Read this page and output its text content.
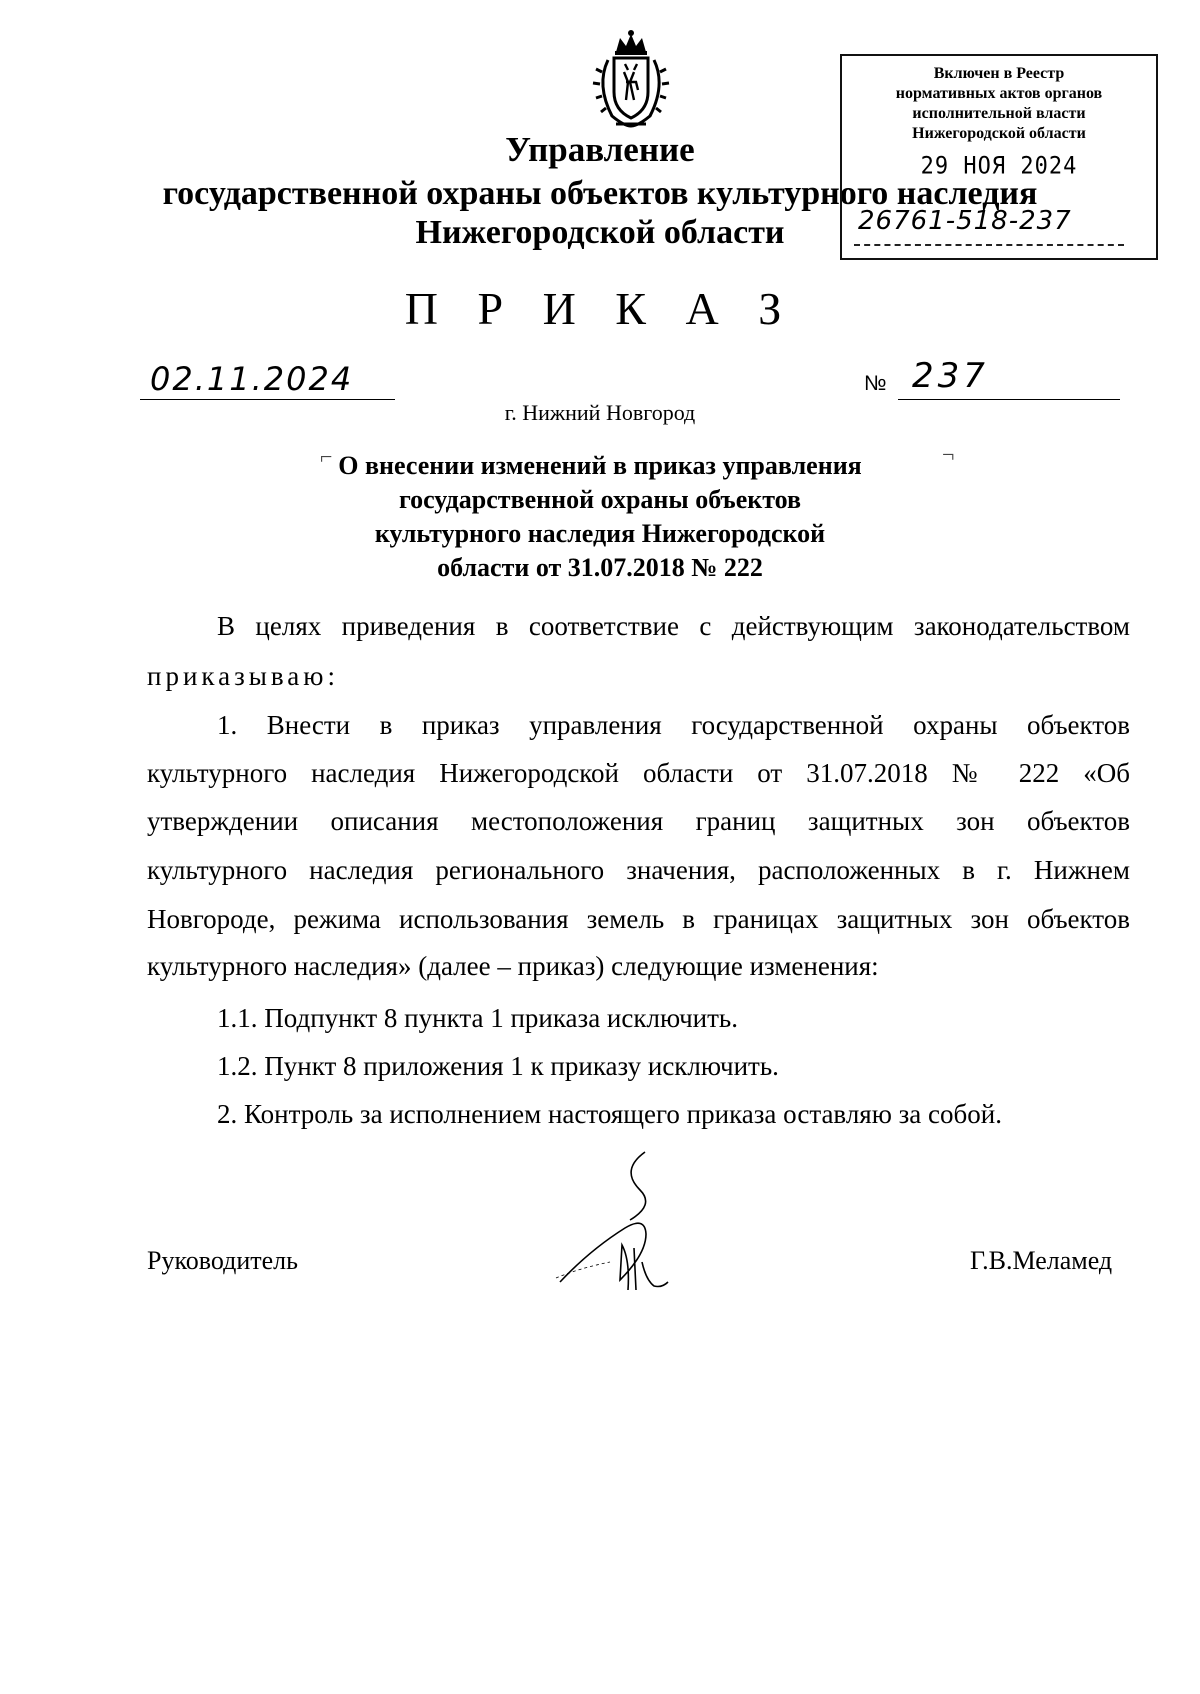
Управление
государственной охраны объектов культурного наследия
Нижегородской области
Включен в Реестр
нормативных актов органов
исполнительной власти
Нижегородской области
29 НОЯ 2024
26761-518-237
П Р И К А З
02.11.2024	№ 237
г. Нижний Новгород
⌐	¬
О внесении изменений в приказ управления
государственной охраны объектов
культурного наследия Нижегородской
области от 31.07.2018 № 222
В целях приведения в соответствие с действующим законодательством
приказываю:
1. Внести в приказ управления государственной охраны объектов
культурного наследия Нижегородской области от 31.07.2018 № 222 «Об
утверждении описания местоположения границ защитных зон объектов
культурного наследия регионального значения, расположенных в г. Нижнем
Новгороде, режима использования земель в границах защитных зон объектов
культурного наследия» (далее – приказ) следующие изменения:
1.1. Подпункт 8 пункта 1 приказа исключить.
1.2. Пункт 8 приложения 1 к приказу исключить.
2. Контроль за исполнением настоящего приказа оставляю за собой.
Руководитель	Г.В.Меламед
